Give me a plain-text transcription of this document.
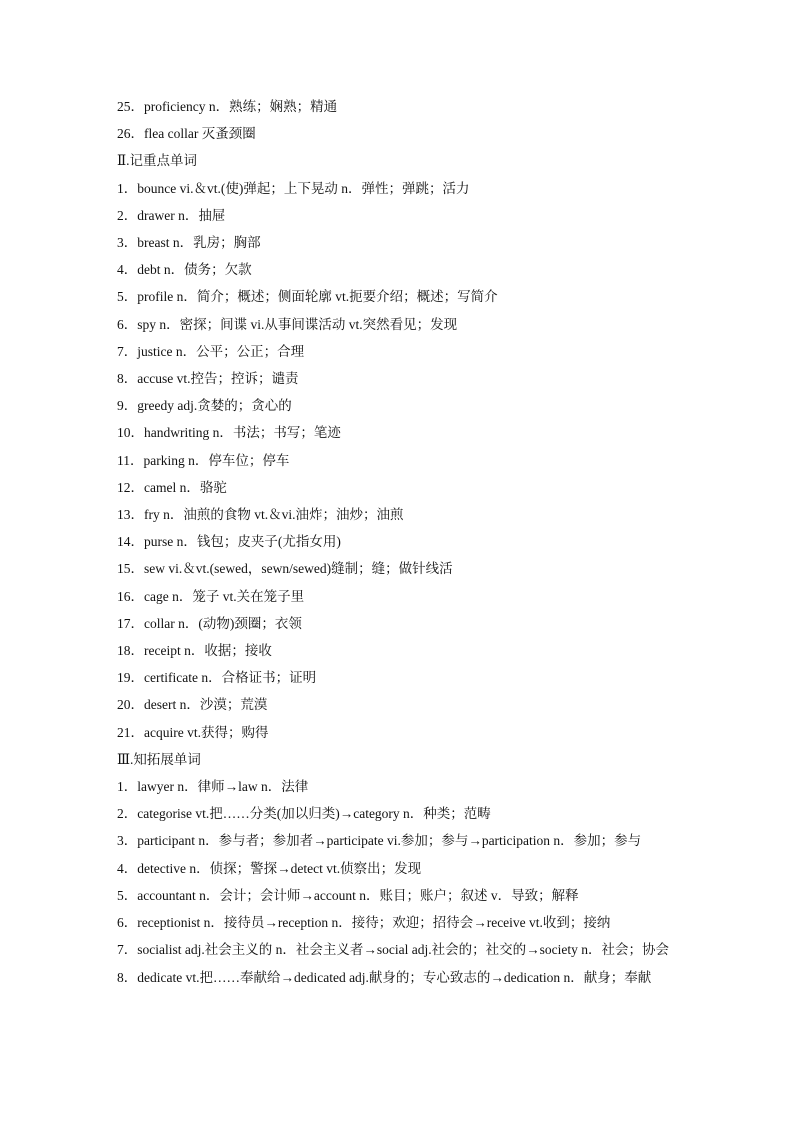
25．proficiency n．熟练；娴熟；精通
26．flea collar 灭蚤颈圈
Ⅱ.记重点单词
1．bounce vi.＆vt.(使)弹起；上下晃动 n．弹性；弹跳；活力
2．drawer n．抽屉
3．breast n．乳房；胸部
4．debt n．债务；欠款
5．profile n．简介；概述；侧面轮廓 vt.扼要介绍；概述；写简介
6．spy n．密探；间谍 vi.从事间谍活动 vt.突然看见；发现
7．justice n．公平；公正；合理
8．accuse vt.控告；控诉；谴责
9．greedy adj.贪婪的；贪心的
10．handwriting n．书法；书写；笔迹
11．parking n．停车位；停车
12．camel n．骆驼
13．fry n．油煎的食物 vt.＆vi.油炸；油炒；油煎
14．purse n．钱包；皮夹子(尤指女用)
15．sew vi.＆vt.(sewed，sewn/sewed)缝制；缝；做针线活
16．cage n．笼子 vt.关在笼子里
17．collar n．(动物)颈圈；衣领
18．receipt n．收据；接收
19．certificate n．合格证书；证明
20．desert n．沙漠；荒漠
21．acquire vt.获得；购得
Ⅲ.知拓展单词
1．lawyer n．律师→law n．法律
2．categorise vt.把……分类(加以归类)→category n．种类；范畴
3．participant n．参与者；参加者→participate vi.参加；参与→participation n．参加；参与
4．detective n．侦探；警探→detect vt.侦察出；发现
5．accountant n．会计；会计师→account n．账目；账户；叙述 v．导致；解释
6．receptionist n．接待员→reception n．接待；欢迎；招待会→receive vt.收到；接纳
7．socialist adj.社会主义的 n．社会主义者→social adj.社会的；社交的→society n．社会；协会
8．dedicate vt.把……奉献给→dedicated adj.献身的；专心致志的→dedication n．献身；奉献
